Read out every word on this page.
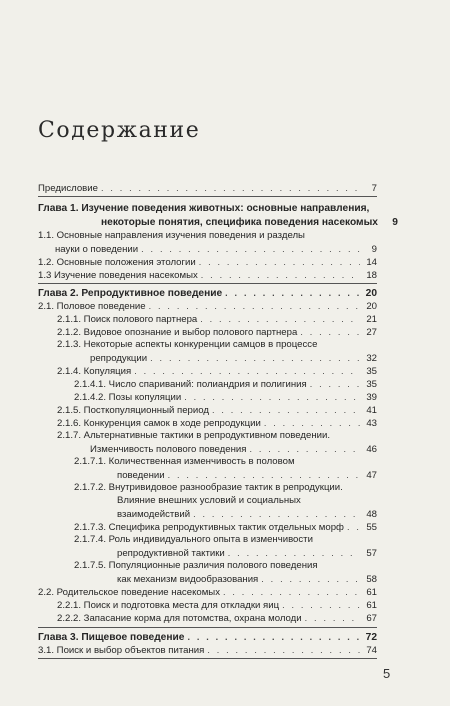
Содержание
Предисловие . . .	7
Глава 1. Изучение поведения животных: основные направления,
некоторые понятия, специфика поведения насекомых	9
1.1. Основные направления изучения поведения и разделы
науки о поведении . . .	9
1.2. Основные положения этологии . . .	14
1.3 Изучение поведения насекомых . . .	18
Глава 2. Репродуктивное поведение . . .	20
2.1. Половое поведение . . .	20
2.1.1. Поиск полового партнера . . .	21
2.1.2. Видовое опознание и выбор полового партнера . . .	27
2.1.3. Некоторые аспекты конкуренции самцов в процессе
репродукции . . .	32
2.1.4. Копуляция . . .	35
2.1.4.1. Число спариваний: полиандрия и полигиния . . .	35
2.1.4.2. Позы копуляции . . .	39
2.1.5. Посткопуляционный период . . .	41
2.1.6. Конкуренция самок в ходе репродукции . . .	43
2.1.7. Альтернативные тактики в репродуктивном поведении.
Изменчивость полового поведения . . .	46
2.1.7.1. Количественная изменчивость в половом
поведении . . .	47
2.1.7.2. Внутривидовое разнообразие тактик в репродукции.
Влияние внешних условий и социальных
взаимодействий . . .	48
2.1.7.3. Специфика репродуктивных тактик отдельных морф . . .	55
2.1.7.4. Роль индивидуального опыта в изменчивости
репродуктивной тактики . . .	57
2.1.7.5. Популяционные различия полового поведения
как механизм видообразования . . .	58
2.2. Родительское поведение насекомых . . .	61
2.2.1. Поиск и подготовка места для откладки яиц . . .	61
2.2.2. Запасание корма для потомства, охрана молоди . . .	67
Глава 3. Пищевое поведение . . .	72
3.1. Поиск и выбор объектов питания . . .	74
5
